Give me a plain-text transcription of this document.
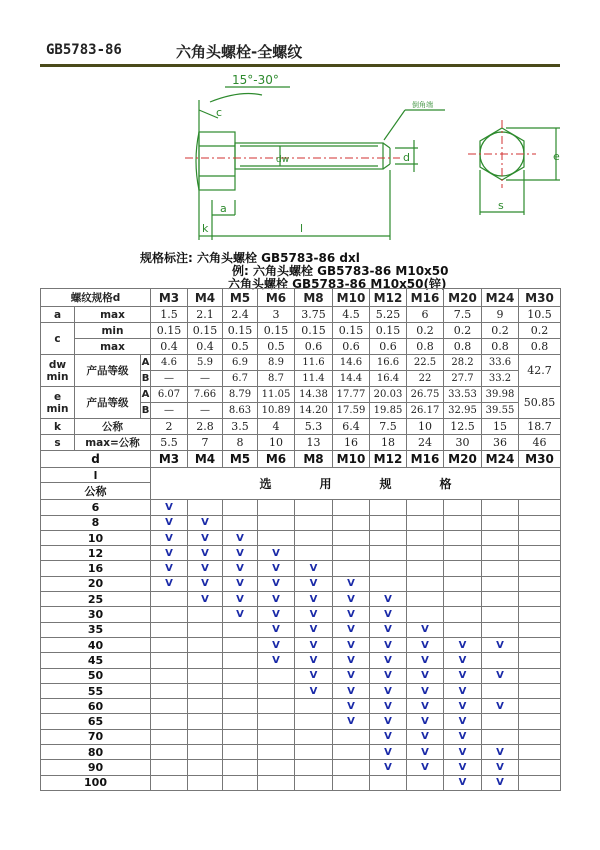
GB5783-86	六角头螺栓-全螺纹
15°-30°
倒角端
c
dw	d
a
k	l
e
s
规格标注: 六角头螺栓 GB5783-86 dxl
例: 六角头螺栓 GB5783-86 M10x50
六角头螺栓 GB5783-86 M10x50(锌)
螺纹规格d			M3	M4	M5	M6	M8	M10	M12	M16	M20	M24	M30
a	max		1.5	2.1	2.4	3	3.75	4.5	5.25	6	7.5	9	10.5
c	min		0.15	0.15	0.15	0.15	0.15	0.15	0.15	0.2	0.2	0.2	0.2
	max		0.4	0.4	0.5	0.5	0.6	0.6	0.6	0.8	0.8	0.8	0.8

dw
min	产品等级	A	4.6	5.9	6.9	8.9	11.6	14.6	16.6	22.5	28.2	33.6	42.7
		B	—	—	6.7	8.7	11.4	14.4	16.4	22	27.7	33.2	

e
min	产品等级	A	6.07	7.66	8.79	11.05	14.38	17.77	20.03	26.75	33.53	39.98	50.85
		B	—	—	8.63	10.89	14.20	17.59	19.85	26.17	32.95	39.55	
k	公称		2	2.8	3.5	4	5.3	6.4	7.5	10	12.5	15	18.7
s	max=公称		5.5	7	8	10	13	16	18	24	30	36	46
d	M3	M4	M5	M6	M8	M10	M12	M16	M20	M24	M30
l	选 用 规 格										

公称											
6	V										
8	V	V									
10	V	V	V								
12	V	V	V	V							
16	V	V	V	V	V						
20	V	V	V	V	V	V					
25		V	V	V	V	V	V				
30			V	V	V	V	V				
35				V	V	V	V	V			
40				V	V	V	V	V	V	V	
45				V	V	V	V	V	V		
50					V	V	V	V	V	V	
55					V	V	V	V	V		
60						V	V	V	V	V	
65						V	V	V	V		
70							V	V	V		
80							V	V	V	V	
90							V	V	V	V	
100									V	V	
